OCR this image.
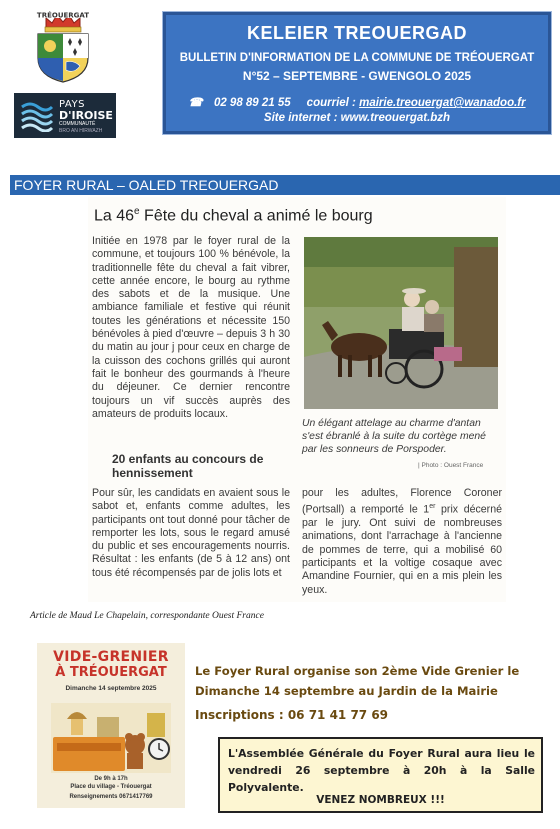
TRÉOUERGAT
PAYS
D'IROISE
COMMUNAUTÉ
BRO AN HIRWAZH
KELEIER TREOUERGAD
BULLETIN D'INFORMATION DE LA COMMUNE DE TRÉOUERGAT
N°52 – SEPTEMBRE - GWENGOLO 2025
☎ 02 98 89 21 55 courriel : mairie.treouergat@wanadoo.fr
Site internet : www.treouergat.bzh
FOYER RURAL – OALED TREOUERGAD
La 46e Fête du cheval a animé le bourg
Initiée en 1978 par le foyer rural de la commune, et toujours 100 % bénévole, la traditionnelle fête du cheval a fait vibrer, cette année encore, le bourg au rythme des sabots et de la musique. Une ambiance familiale et festive qui réunit toutes les générations et nécessite 150 bénévoles à pied d'œuvre – depuis 3 h 30 du matin au jour j pour ceux en charge de la cuisson des cochons grillés qui auront fait le bonheur des gourmands à l'heure du déjeuner. Ce dernier rencontre toujours un vif succès auprès des amateurs de produits locaux.
20 enfants au concours de hennissement
Pour sûr, les candidats en avaient sous le sabot et, enfants comme adultes, les participants ont tout donné pour tâcher de remporter les lots, sous le regard amusé du public et ses encouragements nourris. Résultat : les enfants (de 5 à 12 ans) ont tous été récompensés par de jolis lots et
pour les adultes, Florence Coroner (Portsall) a remporté le 1er prix décerné par le jury. Ont suivi de nombreuses animations, dont l'arrachage à l'ancienne de pommes de terre, qui a mobilisé 60 participants et la voltige cosaque avec Amandine Fournier, qui en a mis plein les yeux.
Un élégant attelage au charme d'antan s'est ébranlé à la suite du cortège mené par les sonneurs de Porspoder.
| Photo : Ouest France
Article de Maud Le Chapelain, correspondante Ouest France
VIDE-GRENIER
À TRÉOUERGAT
Dimanche 14 septembre 2025
De 9h à 17h
Place du village - Tréouergat
Renseignements 0671417769
Le Foyer Rural organise son 2ème Vide Grenier le
Dimanche 14 septembre au Jardin de la Mairie
Inscriptions : 06 71 41 77 69
L'Assemblée Générale du Foyer Rural aura lieu le vendredi 26 septembre à 20h à la Salle Polyvalente.
VENEZ NOMBREUX !!!
